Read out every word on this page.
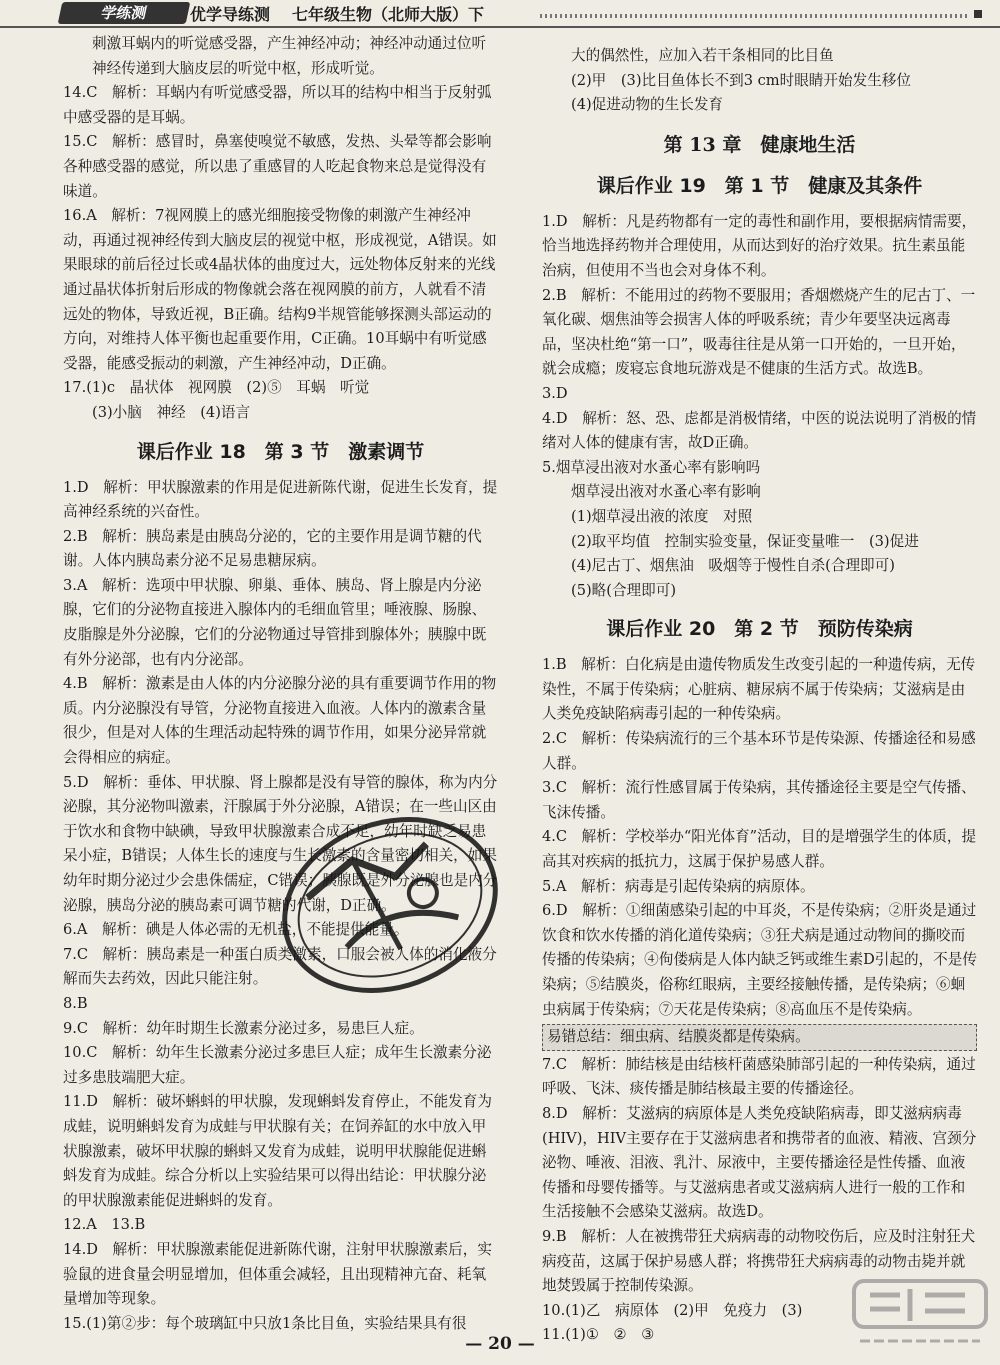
学练测	优学导练测 七年级生物（北师大版）下
刺激耳蜗内的听觉感受器，产生神经冲动；神经冲动通过位听神经传递到大脑皮层的听觉中枢，形成听觉。
14.C　解析：耳蜗内有听觉感受器，所以耳的结构中相当于反射弧中感受器的是耳蜗。
15.C　解析：感冒时，鼻塞使嗅觉不敏感，发热、头晕等都会影响各种感受器的感觉，所以患了重感冒的人吃起食物来总是觉得没有味道。
16.A　解析：7视网膜上的感光细胞接受物像的刺激产生神经冲动，再通过视神经传到大脑皮层的视觉中枢，形成视觉，A错误。如果眼球的前后径过长或4晶状体的曲度过大，远处物体反射来的光线通过晶状体折射后形成的物像就会落在视网膜的前方，人就看不清远处的物体，导致近视，B正确。结构9半规管能够探测头部运动的方向，对维持人体平衡也起重要作用，C正确。10耳蜗中有听觉感受器，能感受振动的刺激，产生神经冲动，D正确。
17.(1)c　晶状体　视网膜　(2)⑤　耳蜗　听觉
(3)小脑　神经　(4)语言
课后作业 18　第 3 节　激素调节
1.D　解析：甲状腺激素的作用是促进新陈代谢，促进生长发育，提高神经系统的兴奋性。
2.B　解析：胰岛素是由胰岛分泌的，它的主要作用是调节糖的代谢。人体内胰岛素分泌不足易患糖尿病。
3.A　解析：选项中甲状腺、卵巢、垂体、胰岛、肾上腺是内分泌腺，它们的分泌物直接进入腺体内的毛细血管里；唾液腺、肠腺、皮脂腺是外分泌腺，它们的分泌物通过导管排到腺体外；胰腺中既有外分泌部，也有内分泌部。
4.B　解析：激素是由人体的内分泌腺分泌的具有重要调节作用的物质。内分泌腺没有导管，分泌物直接进入血液。人体内的激素含量很少，但是对人体的生理活动起特殊的调节作用，如果分泌异常就会得相应的病症。
5.D　解析：垂体、甲状腺、肾上腺都是没有导管的腺体，称为内分泌腺，其分泌物叫激素，汗腺属于外分泌腺，A错误；在一些山区由于饮水和食物中缺碘，导致甲状腺激素合成不足，幼年时缺乏易患呆小症，B错误；人体生长的速度与生长激素的含量密切相关，如果幼年时期分泌过少会患侏儒症，C错误；胰腺既是外分泌腺也是内分泌腺，胰岛分泌的胰岛素可调节糖的代谢，D正确。
6.A　解析：碘是人体必需的无机盐，不能提供能量。
7.C　解析：胰岛素是一种蛋白质类激素，口服会被人体的消化液分解而失去药效，因此只能注射。
8.B
9.C　解析：幼年时期生长激素分泌过多，易患巨人症。
10.C　解析：幼年生长激素分泌过多患巨人症；成年生长激素分泌过多患肢端肥大症。
11.D　解析：破坏蝌蚪的甲状腺，发现蝌蚪发育停止，不能发育为成蛙，说明蝌蚪发育为成蛙与甲状腺有关；在饲养缸的水中放入甲状腺激素，破坏甲状腺的蝌蚪又发育为成蛙，说明甲状腺能促进蝌蚪发育为成蛙。综合分析以上实验结果可以得出结论：甲状腺分泌的甲状腺激素能促进蝌蚪的发育。
12.A　13.B
14.D　解析：甲状腺激素能促进新陈代谢，注射甲状腺激素后，实验鼠的进食量会明显增加，但体重会减轻，且出现精神亢奋、耗氧量增加等现象。
15.(1)第②步：每个玻璃缸中只放1条比目鱼，实验结果具有很
大的偶然性，应加入若干条相同的比目鱼
(2)甲　(3)比目鱼体长不到3 cm时眼睛开始发生移位
(4)促进动物的生长发育
第 13 章　健康地生活
课后作业 19　第 1 节　健康及其条件
1.D　解析：凡是药物都有一定的毒性和副作用，要根据病情需要，恰当地选择药物并合理使用，从而达到好的治疗效果。抗生素虽能治病，但使用不当也会对身体不利。
2.B　解析：不能用过的药物不要服用；香烟燃烧产生的尼古丁、一氧化碳、烟焦油等会损害人体的呼吸系统；青少年要坚决远离毒品，坚决杜绝“第一口”，吸毒往往是从第一口开始的，一旦开始，就会成瘾；废寝忘食地玩游戏是不健康的生活方式。故选B。
3.D
4.D　解析：怒、恐、虑都是消极情绪，中医的说法说明了消极的情绪对人体的健康有害，故D正确。
5.烟草浸出液对水蚤心率有影响吗
烟草浸出液对水蚤心率有影响
(1)烟草浸出液的浓度　对照
(2)取平均值　控制实验变量，保证变量唯一　(3)促进
(4)尼古丁、烟焦油　吸烟等于慢性自杀(合理即可)
(5)略(合理即可)
课后作业 20　第 2 节　预防传染病
1.B　解析：白化病是由遗传物质发生改变引起的一种遗传病，无传染性，不属于传染病；心脏病、糖尿病不属于传染病；艾滋病是由人类免疫缺陷病毒引起的一种传染病。
2.C　解析：传染病流行的三个基本环节是传染源、传播途径和易感人群。
3.C　解析：流行性感冒属于传染病，其传播途径主要是空气传播、飞沫传播。
4.C　解析：学校举办“阳光体育”活动，目的是增强学生的体质，提高其对疾病的抵抗力，这属于保护易感人群。
5.A　解析：病毒是引起传染病的病原体。
6.D　解析：①细菌感染引起的中耳炎，不是传染病；②肝炎是通过饮食和饮水传播的消化道传染病；③狂犬病是通过动物间的撕咬而传播的传染病；④佝偻病是人体内缺乏钙或维生素D引起的，不是传染病；⑤结膜炎，俗称红眼病，主要经接触传播，是传染病；⑥蛔虫病属于传染病；⑦天花是传染病；⑧高血压不是传染病。
易错总结：细虫病、结膜炎都是传染病。
7.C　解析：肺结核是由结核杆菌感染肺部引起的一种传染病，通过呼吸、飞沫、痰传播是肺结核最主要的传播途径。
8.D　解析：艾滋病的病原体是人类免疫缺陷病毒，即艾滋病病毒(HIV)，HIV主要存在于艾滋病患者和携带者的血液、精液、宫颈分泌物、唾液、泪液、乳汁、尿液中，主要传播途径是性传播、血液传播和母婴传播等。与艾滋病患者或艾滋病病人进行一般的工作和生活接触不会感染艾滋病。故选D。
9.B　解析：人在被携带狂犬病病毒的动物咬伤后，应及时注射狂犬病疫苗，这属于保护易感人群；将携带狂犬病病毒的动物击毙并就地焚毁属于控制传染源。
10.(1)乙　病原体　(2)甲　免疫力　(3)
11.(1)①　②　③
— 20 —
